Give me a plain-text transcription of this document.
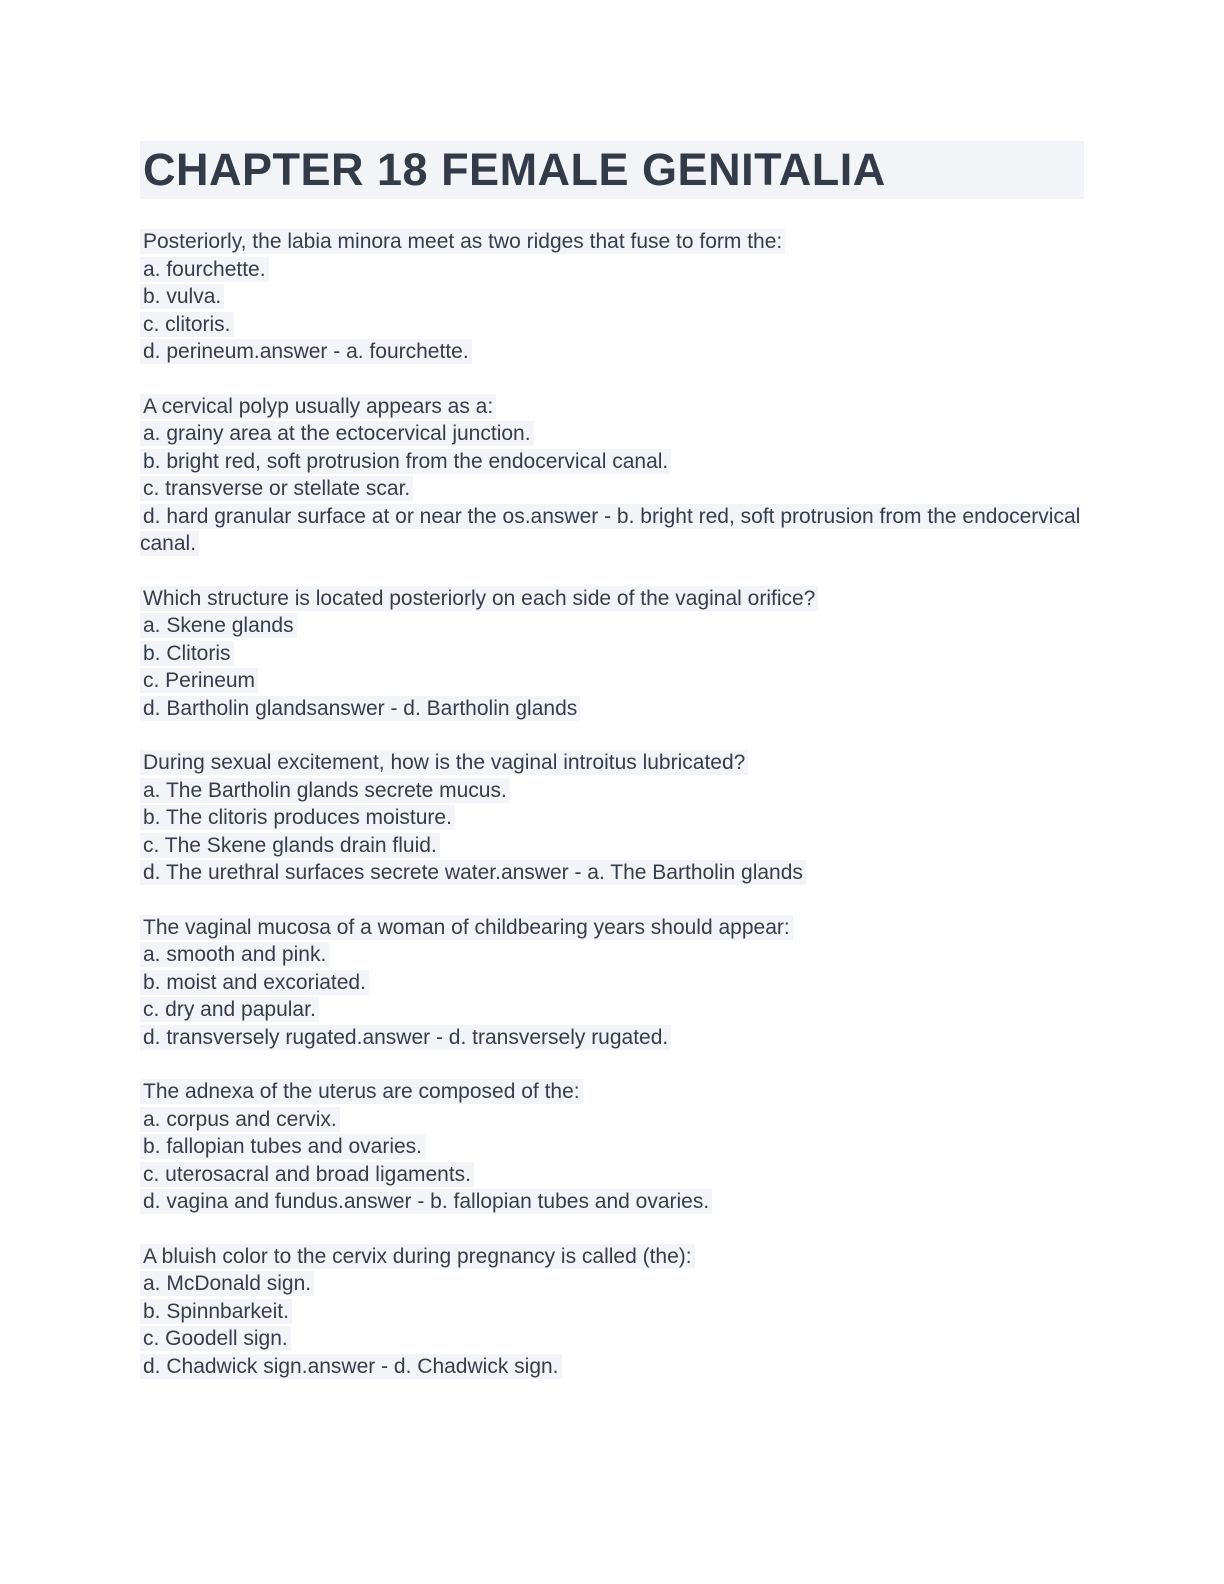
CHAPTER 18 FEMALE GENITALIA
Posteriorly, the labia minora meet as two ridges that fuse to form the:
a. fourchette.
b. vulva.
c. clitoris.
d. perineum.answer - a. fourchette.
A cervical polyp usually appears as a:
a. grainy area at the ectocervical junction.
b. bright red, soft protrusion from the endocervical canal.
c. transverse or stellate scar.
d. hard granular surface at or near the os.answer - b. bright red, soft protrusion from the endocervical canal.
Which structure is located posteriorly on each side of the vaginal orifice?
a. Skene glands
b. Clitoris
c. Perineum
d. Bartholin glandsanswer - d. Bartholin glands
During sexual excitement, how is the vaginal introitus lubricated?
a. The Bartholin glands secrete mucus.
b. The clitoris produces moisture.
c. The Skene glands drain fluid.
d. The urethral surfaces secrete water.answer - a. The Bartholin glands
The vaginal mucosa of a woman of childbearing years should appear:
a. smooth and pink.
b. moist and excoriated.
c. dry and papular.
d. transversely rugated.answer - d. transversely rugated.
The adnexa of the uterus are composed of the:
a. corpus and cervix.
b. fallopian tubes and ovaries.
c. uterosacral and broad ligaments.
d. vagina and fundus.answer - b. fallopian tubes and ovaries.
A bluish color to the cervix during pregnancy is called (the):
a. McDonald sign.
b. Spinnbarkeit.
c. Goodell sign.
d. Chadwick sign.answer - d. Chadwick sign.
